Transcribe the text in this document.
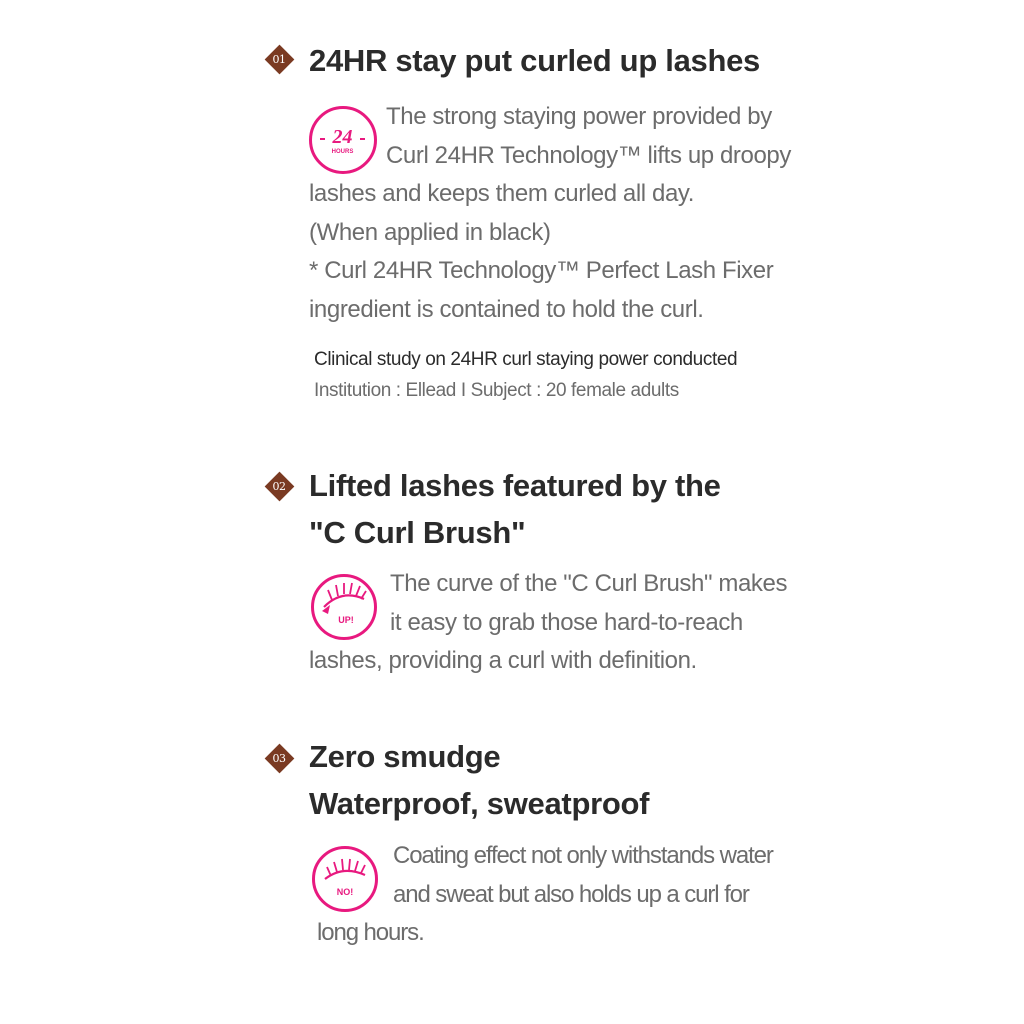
01 24HR stay put curled up lashes
24
HOURS
The strong staying power provided by
Curl 24HR Technology™ lifts up droopy
lashes and keeps them curled all day.
(When applied in black)
* Curl 24HR Technology™ Perfect Lash Fixer
ingredient is contained to hold the curl.
Clinical study on 24HR curl staying power conducted
Institution : Ellead I Subject : 20 female adults
02 Lifted lashes featured by the
"C Curl Brush"
UP!
The curve of the "C Curl Brush" makes
it easy to grab those hard-to-reach
lashes, providing a curl with definition.
03 Zero smudge
Waterproof, sweatproof
NO!
Coating effect not only withstands water
and sweat but also holds up a curl for
long hours.
